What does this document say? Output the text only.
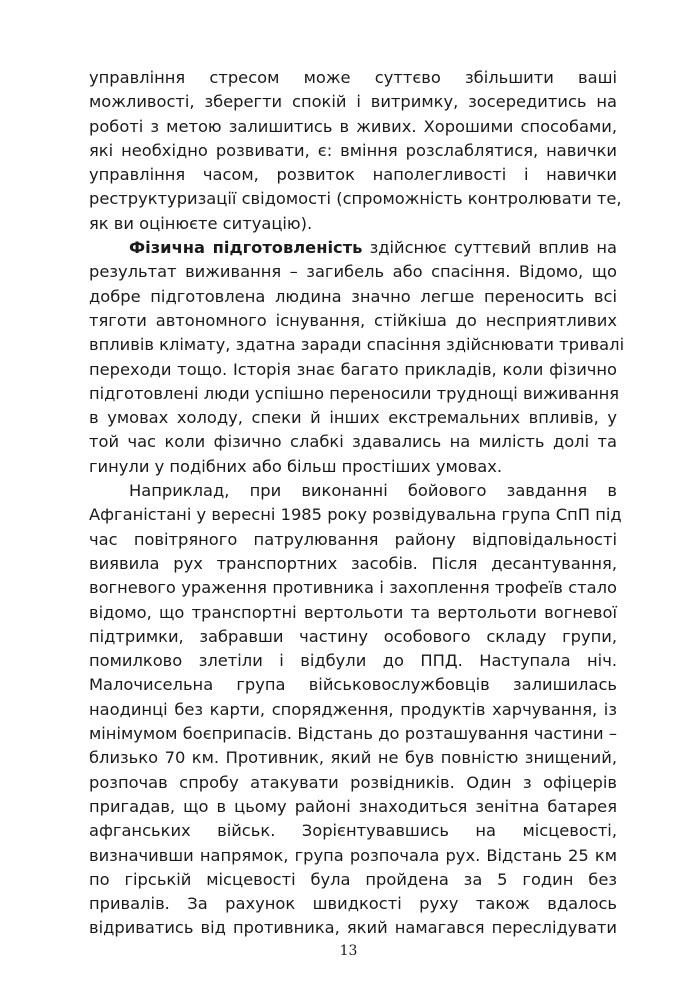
управління стресом може суттєво збільшити ваші
можливості, зберегти спокій і витримку, зосередитись на
роботі з метою залишитись в живих. Хорошими способами,
які необхідно розвивати, є: вміння розслаблятися, навички
управління часом, розвиток наполегливості і навички
реструктуризації свідомості (спроможність контролювати те,
як ви оцінюєте ситуацію).
Фізична підготовленість здійснює суттєвий вплив на
результат виживання – загибель або спасіння. Відомо, що
добре підготовлена людина значно легше переносить всі
тяготи автономного існування, стійкіша до несприятливих
впливів клімату, здатна заради спасіння здійснювати тривалі
переходи тощо. Історія знає багато прикладів, коли фізично
підготовлені люди успішно переносили труднощі виживання
в умовах холоду, спеки й інших екстремальних впливів, у
той час коли фізично слабкі здавались на милість долі та
гинули у подібних або більш простіших умовах.
Наприклад, при виконанні бойового завдання в
Афганістані у вересні 1985 року розвідувальна група СпП під
час повітряного патрулювання району відповідальності
виявила рух транспортних засобів. Після десантування,
вогневого ураження противника і захоплення трофеїв стало
відомо, що транспортні вертольоти та вертольоти вогневої
підтримки, забравши частину особового складу групи,
помилково злетіли і відбули до ППД. Наступала ніч.
Малочисельна група військовослужбовців залишилась
наодинці без карти, спорядження, продуктів харчування, із
мінімумом боєприпасів. Відстань до розташування частини –
близько 70 км. Противник, який не був повністю знищений,
розпочав спробу атакувати розвідників. Один з офіцерів
пригадав, що в цьому районі знаходиться зенітна батарея
афганських військ. Зорієнтувавшись на місцевості,
визначивши напрямок, група розпочала рух. Відстань 25 км
по гірській місцевості була пройдена за 5 годин без
привалів. За рахунок швидкості руху також вдалось
відриватись від противника, який намагався переслідувати
13
